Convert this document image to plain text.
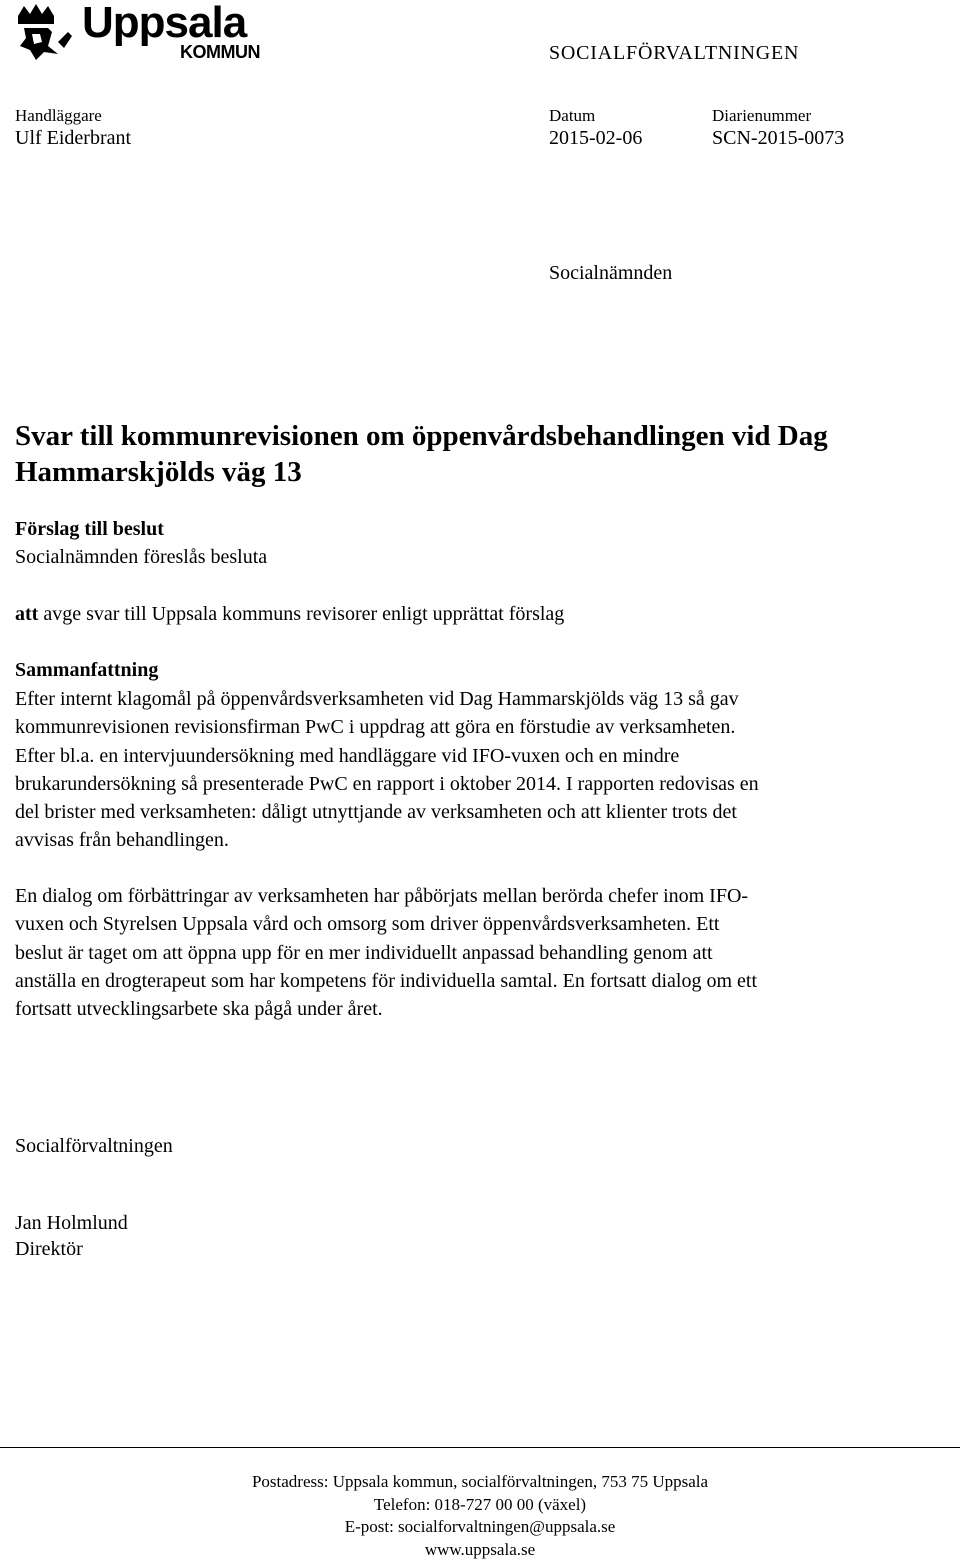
Uppsala
KOMMUN	SOCIALFÖRVALTNINGEN
Handläggare
Ulf Eiderbrant
Datum
2015-02-06
Diarienummer
SCN-2015-0073
Socialnämnden
Svar till kommunrevisionen om öppenvårdsbehandlingen vid Dag Hammarskjölds väg 13
Förslag till beslut
Socialnämnden föreslås besluta
att avge svar till Uppsala kommuns revisorer enligt upprättat förslag
Sammanfattning

Efter internt klagomål på öppenvårdsverksamheten vid Dag Hammarskjölds väg 13 så gav
kommunrevisionen revisionsfirman PwC i uppdrag att göra en förstudie av verksamheten.
Efter bl.a. en intervjuundersökning med handläggare vid IFO-vuxen och en mindre
brukarundersökning så presenterade PwC en rapport i oktober 2014. I rapporten redovisas en
del brister med verksamheten: dåligt utnyttjande av verksamheten och att klienter trots det
avvisas från behandlingen.

En dialog om förbättringar av verksamheten har påbörjats mellan berörda chefer inom IFO-
vuxen och Styrelsen Uppsala vård och omsorg som driver öppenvårdsverksamheten. Ett
beslut är taget om att öppna upp för en mer individuellt anpassad behandling genom att
anställa en drogterapeut som har kompetens för individuella samtal. En fortsatt dialog om ett
fortsatt utvecklingsarbete ska pågå under året.

Socialförvaltningen
Jan Holmlund
Direktör
Postadress: Uppsala kommun, socialförvaltningen, 753 75 Uppsala
Telefon: 018-727 00 00 (växel)
E-post: socialforvaltningen@uppsala.se
www.uppsala.se
